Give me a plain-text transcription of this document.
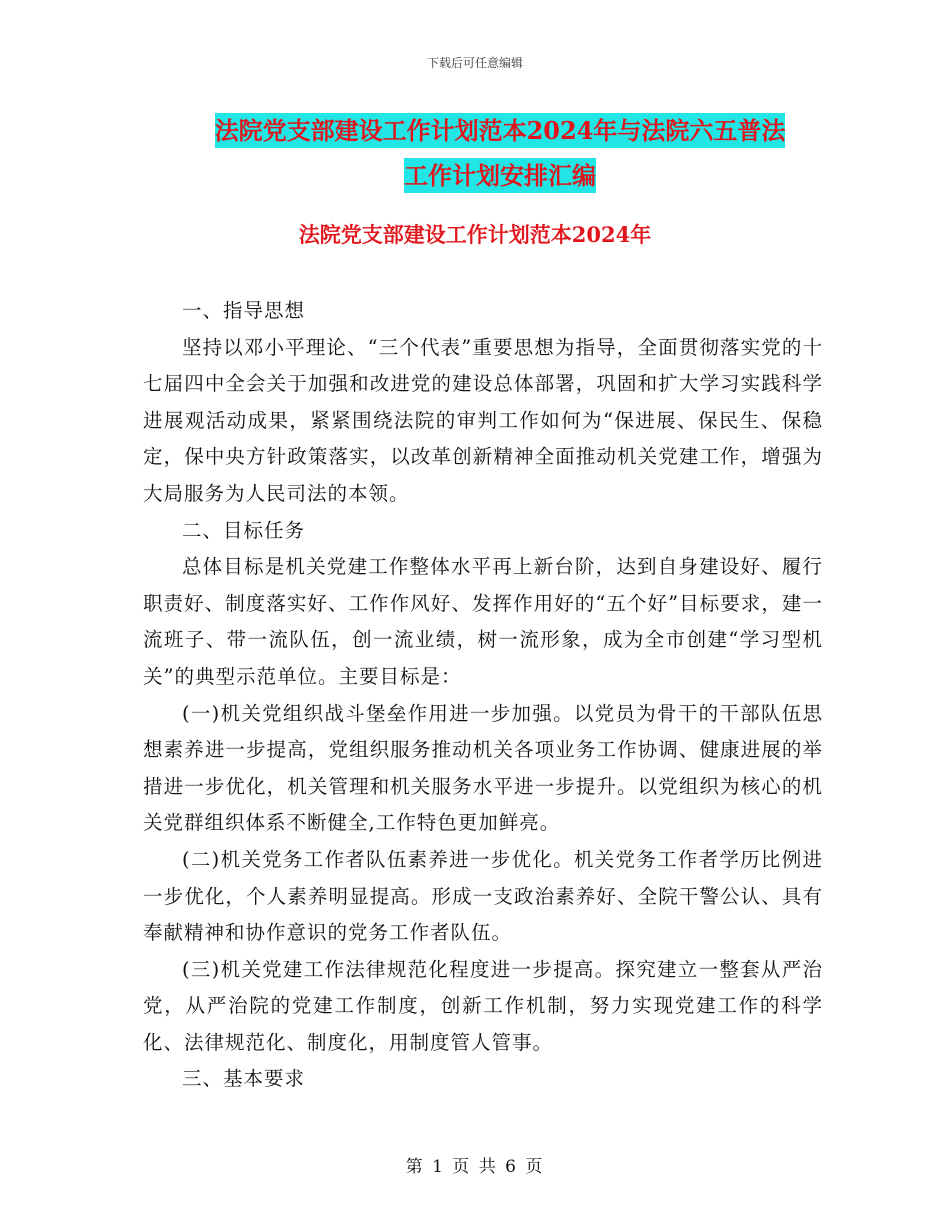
下载后可任意编辑
法院党支部建设工作计划范本2024年与法院六五普法
工作计划安排汇编
法院党支部建设工作计划范本2024年

一、指导思想

坚持以邓小平理论、“三个代表”重要思想为指导，全面贯彻落实党的十七届四中全会关于加强和改进党的建设总体部署，巩固和扩大学习实践科学进展观活动成果，紧紧围绕法院的审判工作如何为“保进展、保民生、保稳定，保中央方针政策落实，以改革创新精神全面推动机关党建工作，增强为大局服务为人民司法的本领。

二、目标任务

总体目标是机关党建工作整体水平再上新台阶，达到自身建设好、履行职责好、制度落实好、工作作风好、发挥作用好的“五个好”目标要求，建一流班子、带一流队伍，创一流业绩，树一流形象，成为全市创建“学习型机关”的典型示范单位。主要目标是：

(一)机关党组织战斗堡垒作用进一步加强。以党员为骨干的干部队伍思想素养进一步提高，党组织服务推动机关各项业务工作协调、健康进展的举措进一步优化，机关管理和机关服务水平进一步提升。以党组织为核心的机关党群组织体系不断健全,工作特色更加鲜亮。

(二)机关党务工作者队伍素养进一步优化。机关党务工作者学历比例进一步优化，个人素养明显提高。形成一支政治素养好、全院干警公认、具有奉献精神和协作意识的党务工作者队伍。

(三)机关党建工作法律规范化程度进一步提高。探究建立一整套从严治党，从严治院的党建工作制度，创新工作机制，努力实现党建工作的科学化、法律规范化、制度化，用制度管人管事。

三、基本要求

第 1 页 共 6 页
